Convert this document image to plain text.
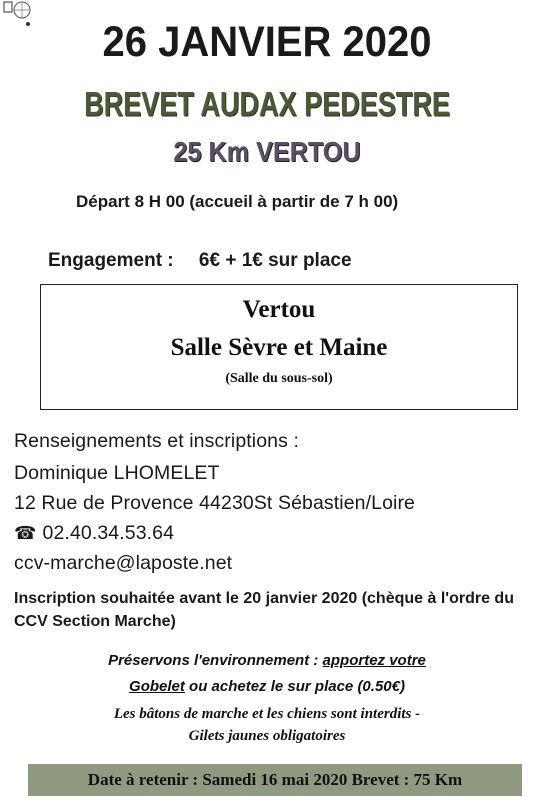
26 JANVIER 2020
BREVET AUDAX PEDESTRE
25 Km VERTOU
Départ 8 H 00 (accueil à partir de 7 h 00)
Engagement : 6€ + 1€ sur place
Vertou
Salle Sèvre et Maine
(Salle du sous-sol)
Renseignements et inscriptions :
Dominique LHOMELET
12 Rue de Provence 44230St Sébastien/Loire
☎ 02.40.34.53.64
ccv-marche@laposte.net
Inscription souhaitée avant le 20 janvier 2020 (chèque à l'ordre du CCV Section Marche)
Préservons l'environnement : apportez votre
Gobelet ou achetez le sur place (0.50€)
Les bâtons de marche et les chiens sont interdits -
Gilets jaunes obligatoires
Date à retenir : Samedi 16 mai 2020 Brevet : 75 Km
